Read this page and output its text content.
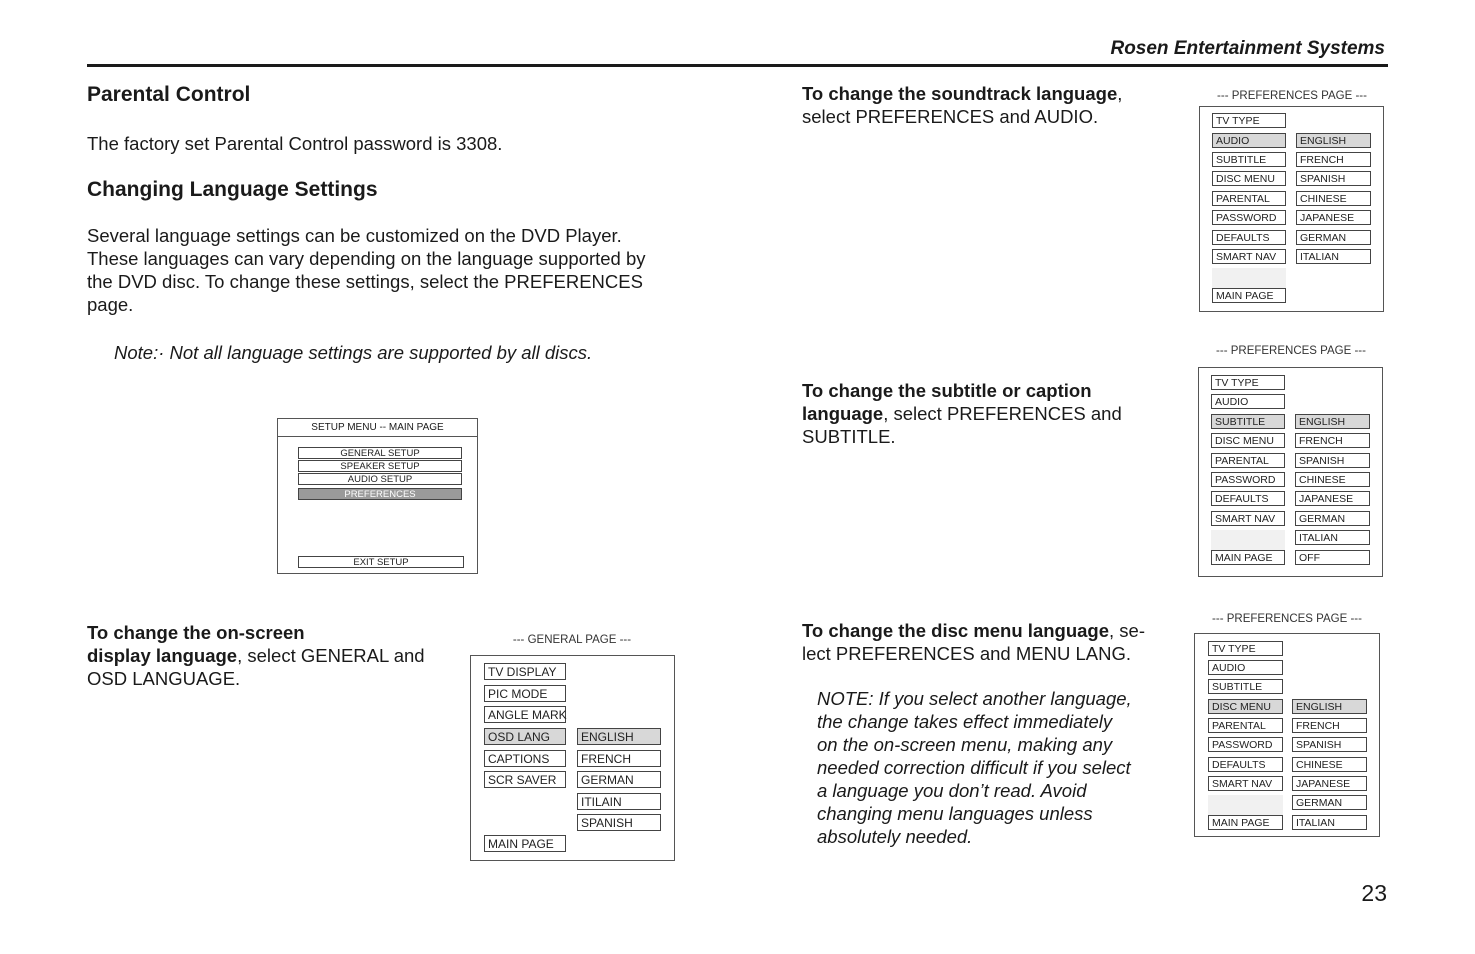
Rosen Entertainment Systems
Parental Control
The factory set Parental Control password is 3308.
Changing Language Settings
Several language settings can be customized on the DVD Player.
These languages can vary depending on the language supported by
the DVD disc. To change these settings, select the PREFERENCES
page.
Note:· Not all language settings are supported by all discs.
SETUP MENU -- MAIN PAGE
GENERAL SETUP
SPEAKER SETUP
AUDIO SETUP
PREFERENCES
EXIT SETUP
To change the on-screen
display language, select GENERAL and
OSD LANGUAGE.
--- GENERAL PAGE ---
TV DISPLAY
PIC MODE
ANGLE MARK
OSD LANG
CAPTIONS
SCR SAVER
MAIN PAGE
ENGLISH
FRENCH
GERMAN
ITILAIN
SPANISH
To change the soundtrack language,
select PREFERENCES and AUDIO.
--- PREFERENCES PAGE ---
TV TYPE
AUDIO
SUBTITLE
DISC MENU
PARENTAL
PASSWORD
DEFAULTS
SMART NAV
MAIN PAGE
ENGLISH
FRENCH
SPANISH
CHINESE
JAPANESE
GERMAN
ITALIAN
To change the subtitle or caption
language, select PREFERENCES and
SUBTITLE.
--- PREFERENCES PAGE ---
TV TYPE
AUDIO
SUBTITLE
DISC MENU
PARENTAL
PASSWORD
DEFAULTS
SMART NAV
MAIN PAGE
ENGLISH
FRENCH
SPANISH
CHINESE
JAPANESE
GERMAN
ITALIAN
OFF
To change the disc menu language, se-
lect PREFERENCES and MENU LANG.
NOTE: If you select another language,
the change takes effect immediately
on the on-screen menu, making any
needed correction difficult if you select
a language you don’t read. Avoid
changing menu languages unless
absolutely needed.
--- PREFERENCES PAGE ---
TV TYPE
AUDIO
SUBTITLE
DISC MENU
PARENTAL
PASSWORD
DEFAULTS
SMART NAV
MAIN PAGE
ENGLISH
FRENCH
SPANISH
CHINESE
JAPANESE
GERMAN
ITALIAN
23
